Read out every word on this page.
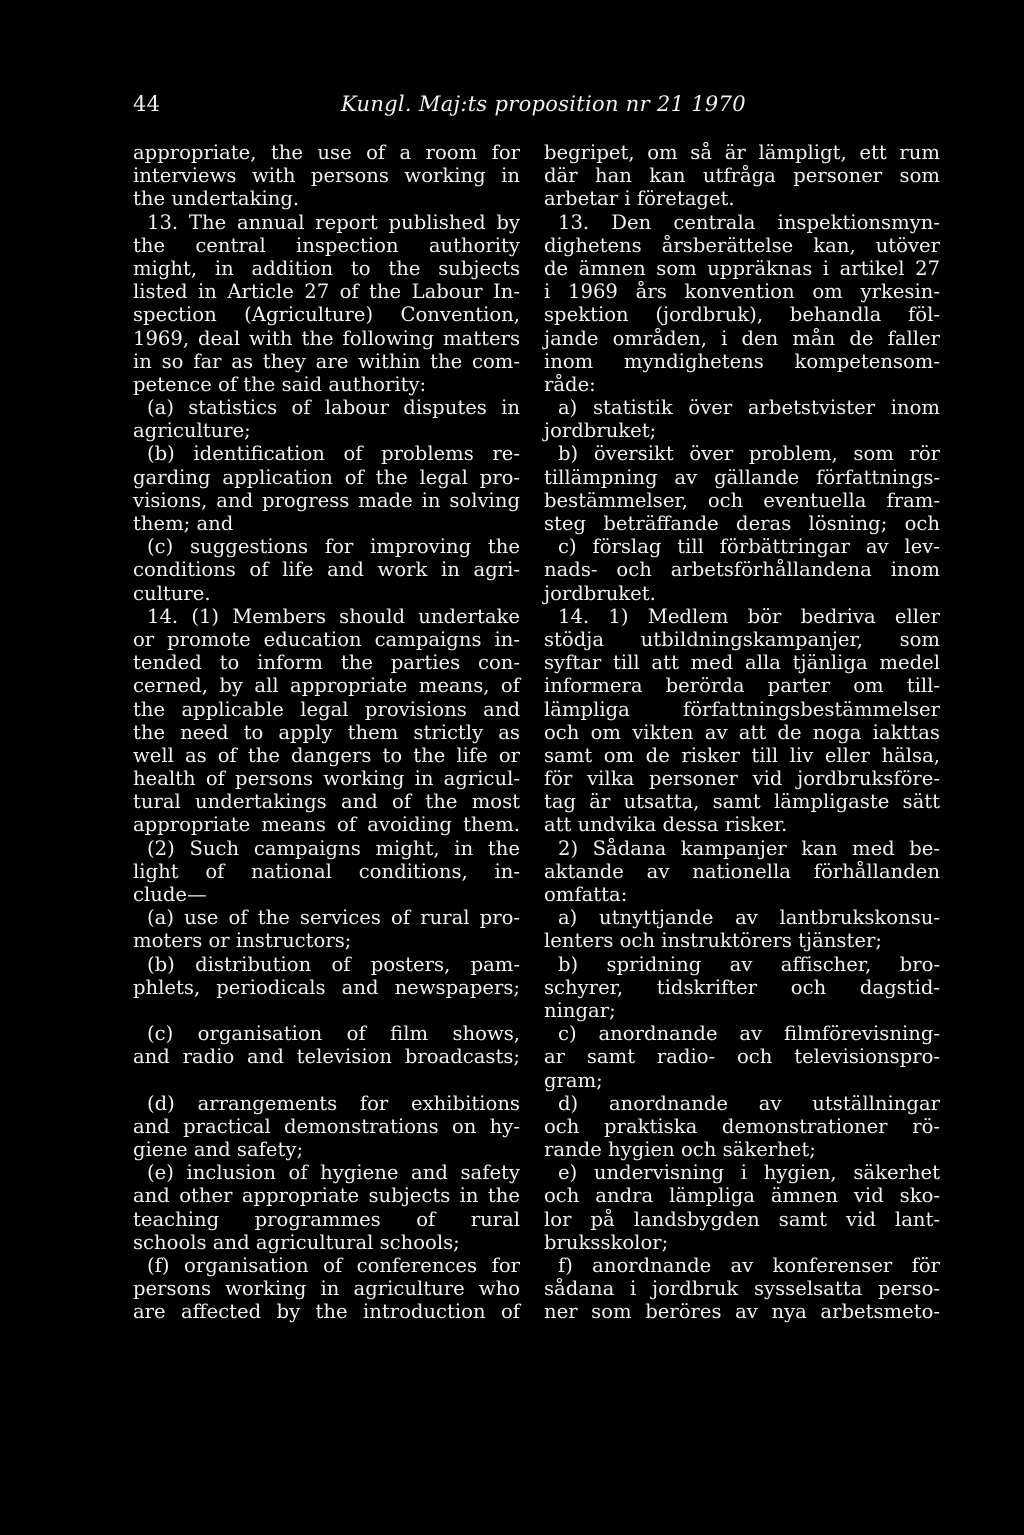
44	Kungl. Maj:ts proposition nr 21 1970
appropriate, the use of a room for
interviews with persons working in
the undertaking.
13. The annual report published by
the central inspection authority
might, in addition to the subjects
listed in Article 27 of the Labour In-
spection (Agriculture) Convention,
1969, deal with the following matters
in so far as they are within the com-
petence of the said authority:
(a) statistics of labour disputes in
agriculture;
(b) identification of problems re-
garding application of the legal pro-
visions, and progress made in solving
them; and
(c) suggestions for improving the
conditions of life and work in agri-
culture.
14. (1) Members should undertake
or promote education campaigns in-
tended to inform the parties con-
cerned, by all appropriate means, of
the applicable legal provisions and
the need to apply them strictly as
well as of the dangers to the life or
health of persons working in agricul-
tural undertakings and of the most
appropriate means of avoiding them.
(2) Such campaigns might, in the
light of national conditions, in-
clude—
(a) use of the services of rural pro-
moters or instructors;
(b) distribution of posters, pam-
phlets, periodicals and newspapers;
(c) organisation of film shows,
and radio and television broadcasts;
(d) arrangements for exhibitions
and practical demonstrations on hy-
giene and safety;
(e) inclusion of hygiene and safety
and other appropriate subjects in the
teaching programmes of rural
schools and agricultural schools;
(f) organisation of conferences for
persons working in agriculture who
are affected by the introduction of
begripet, om så är lämpligt, ett rum
där han kan utfråga personer som
arbetar i företaget.
13. Den centrala inspektionsmyn-
dighetens årsberättelse kan, utöver
de ämnen som uppräknas i artikel 27
i 1969 års konvention om yrkesin-
spektion (jordbruk), behandla föl-
jande områden, i den mån de faller
inom myndighetens kompetensom-
råde:
a) statistik över arbetstvister inom
jordbruket;
b) översikt över problem, som rör
tillämpning av gällande författnings-
bestämmelser, och eventuella fram-
steg beträffande deras lösning; och
c) förslag till förbättringar av lev-
nads- och arbetsförhållandena inom
jordbruket.
14. 1) Medlem bör bedriva eller
stödja utbildningskampanjer, som
syftar till att med alla tjänliga medel
informera berörda parter om till-
lämpliga författningsbestämmelser
och om vikten av att de noga iakttas
samt om de risker till liv eller hälsa,
för vilka personer vid jordbruksföre-
tag är utsatta, samt lämpligaste sätt
att undvika dessa risker.
2) Sådana kampanjer kan med be-
aktande av nationella förhållanden
omfatta:
a) utnyttjande av lantbrukskonsu-
lenters och instruktörers tjänster;
b) spridning av affischer, bro-
schyrer, tidskrifter och dagstid-
ningar;
c) anordnande av filmförevisning-
ar samt radio- och televisionspro-
gram;
d) anordnande av utställningar
och praktiska demonstrationer rö-
rande hygien och säkerhet;
e) undervisning i hygien, säkerhet
och andra lämpliga ämnen vid sko-
lor på landsbygden samt vid lant-
bruksskolor;
f) anordnande av konferenser för
sådana i jordbruk sysselsatta perso-
ner som beröres av nya arbetsmeto-
